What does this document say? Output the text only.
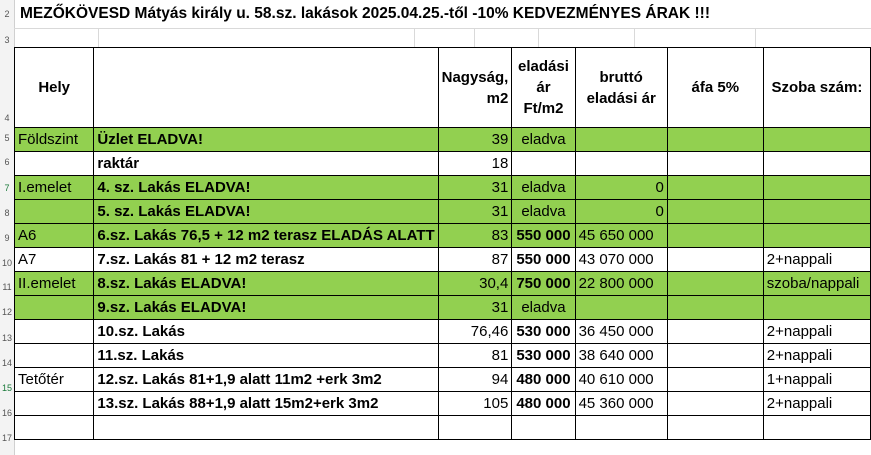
2
3
4
5
6
7
8
9
10
11
12
13
14
15
16
17
MEZŐKÖVESD Mátyás király u. 58.sz. lakások 2025.04.25.-től -10% KEDVEZMÉNYES ÁRAK !!!
Hely		Nagyság, m2	eladási ár Ft/m2	bruttó eladási ár	áfa 5%	Szoba szám:
Földszint	Üzlet ELADVA!	39	eladva			
	raktár	18				
I.emelet	4. sz. Lakás ELADVA!	31	eladva	0		
	5. sz. Lakás ELADVA!	31	eladva	0		
A6	6.sz. Lakás 76,5 + 12 m2 terasz ELADÁS ALATT	83	550 000	45 650 000		
A7	7.sz. Lakás 81 + 12 m2 terasz	87	550 000	43 070 000		2+nappali
II.emelet	8.sz. Lakás ELADVA!	30,4	750 000	22 800 000		szoba/nappali
	9.sz. Lakás ELADVA!	31	eladva			
	10.sz. Lakás	76,46	530 000	36 450 000		2+nappali
	11.sz. Lakás	81	530 000	38 640 000		2+nappali
Tetőtér	12.sz. Lakás 81+1,9 alatt 11m2 +erk 3m2	94	480 000	40 610 000		1+nappali
	13.sz. Lakás 88+1,9 alatt 15m2+erk 3m2	105	480 000	45 360 000		2+nappali
